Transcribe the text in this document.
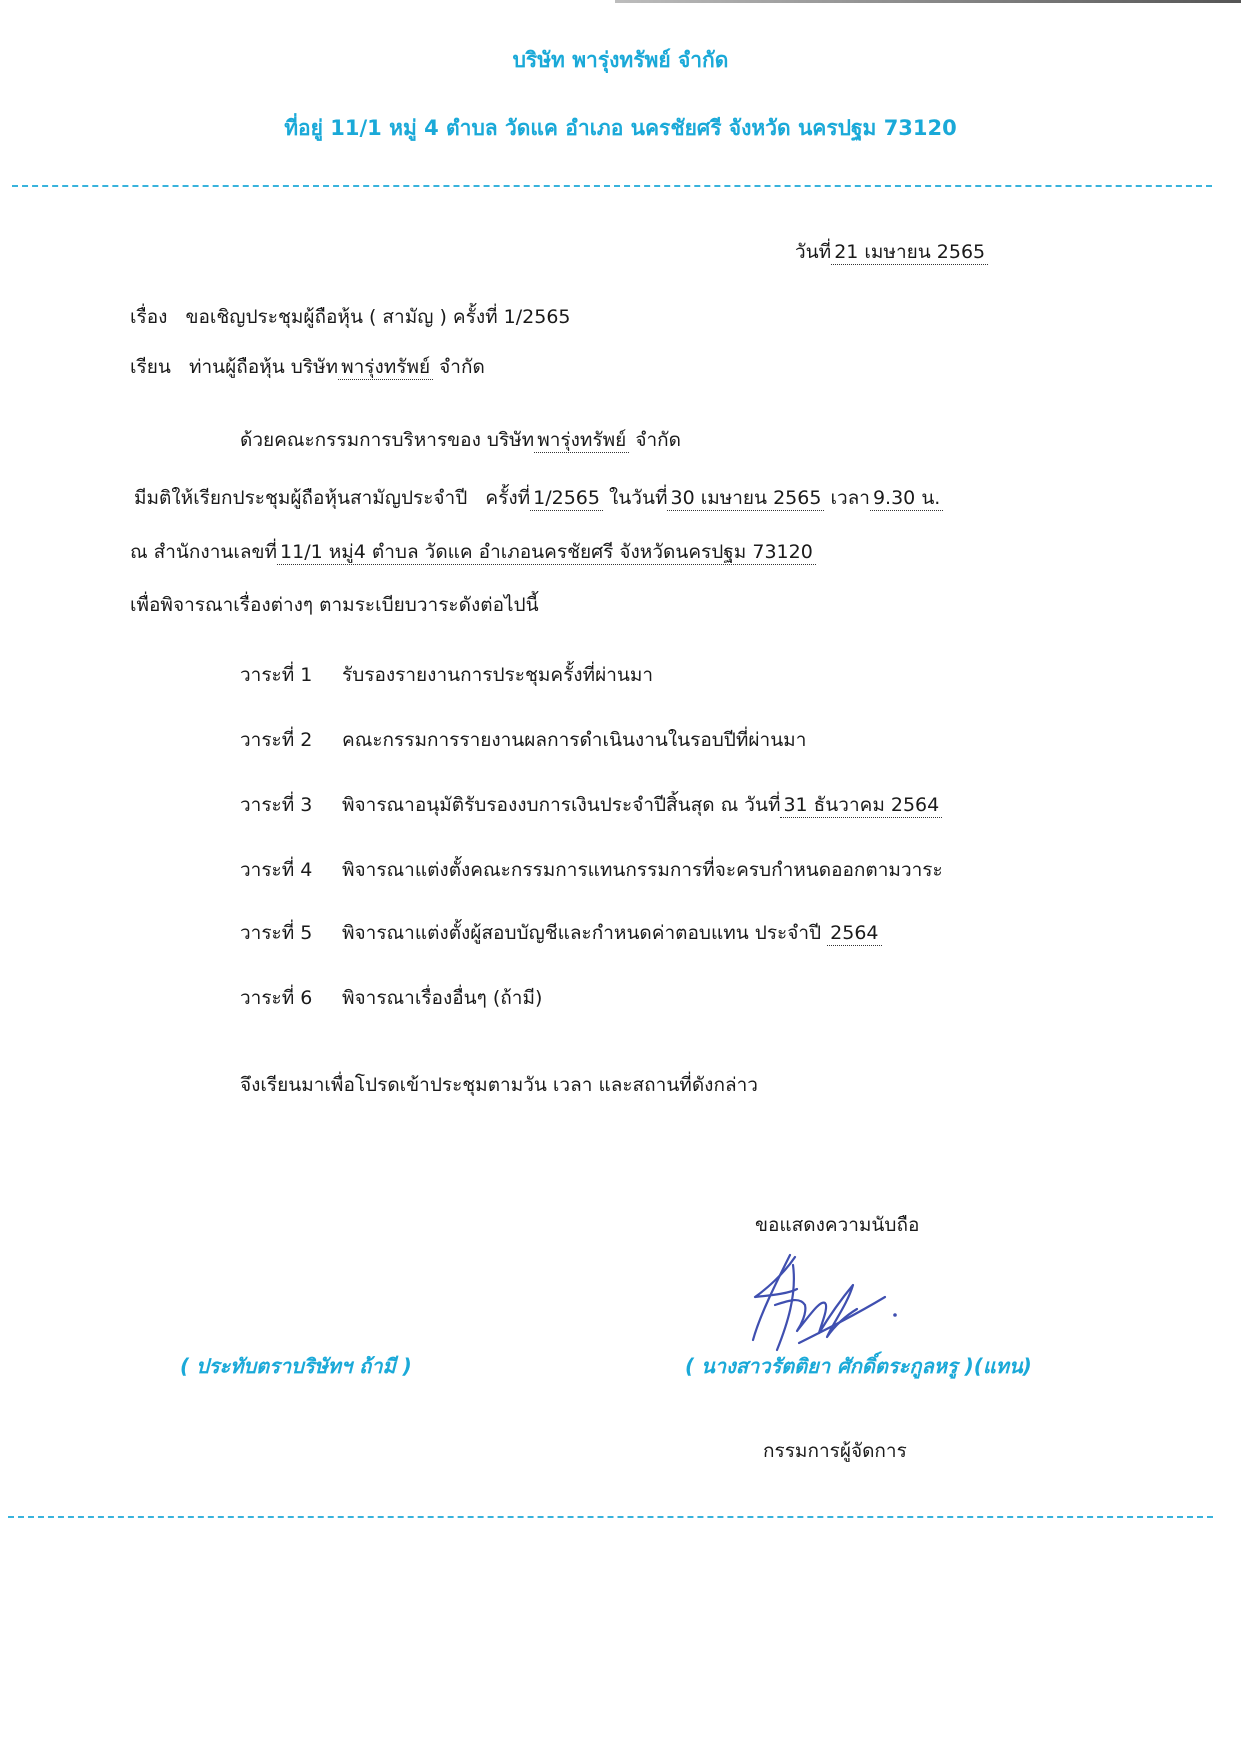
บริษัท พารุ่งทรัพย์ จำกัด
ที่อยู่ 11/1 หมู่ 4 ตำบล วัดแค อำเภอ นครชัยศรี จังหวัด นครปฐม 73120
วันที่ 21 เมษายน 2565
เรื่อง ขอเชิญประชุมผู้ถือหุ้น ( สามัญ ) ครั้งที่ 1/2565
เรียน ท่านผู้ถือหุ้น บริษัท พารุ่งทรัพย์ จำกัด
ด้วยคณะกรรมการบริหารของ บริษัท พารุ่งทรัพย์ จำกัด
มีมติให้เรียกประชุมผู้ถือหุ้นสามัญประจำปี ครั้งที่ 1/2565 ในวันที่ 30 เมษายน 2565 เวลา 9.30 น.
ณ สำนักงานเลขที่ 11/1 หมู่4 ตำบล วัดแค อำเภอนครชัยศรี จังหวัดนครปฐม 73120
เพื่อพิจารณาเรื่องต่างๆ ตามระเบียบวาระดังต่อไปนี้
วาระที่ 1 รับรองรายงานการประชุมครั้งที่ผ่านมา
วาระที่ 2 คณะกรรมการรายงานผลการดำเนินงานในรอบปีที่ผ่านมา
วาระที่ 3 พิจารณาอนุมัติรับรองงบการเงินประจำปีสิ้นสุด ณ วันที่ 31 ธันวาคม 2564
วาระที่ 4 พิจารณาแต่งตั้งคณะกรรมการแทนกรรมการที่จะครบกำหนดออกตามวาระ
วาระที่ 5 พิจารณาแต่งตั้งผู้สอบบัญชีและกำหนดค่าตอบแทน ประจำปี 2564
วาระที่ 6 พิจารณาเรื่องอื่นๆ (ถ้ามี)
จึงเรียนมาเพื่อโปรดเข้าประชุมตามวัน เวลา และสถานที่ดังกล่าว
ขอแสดงความนับถือ
( ประทับตราบริษัทฯ ถ้ามี )	( นางสาวรัตติยา ศักดิ์ตระกูลหรู )(แทน)
กรรมการผู้จัดการ
